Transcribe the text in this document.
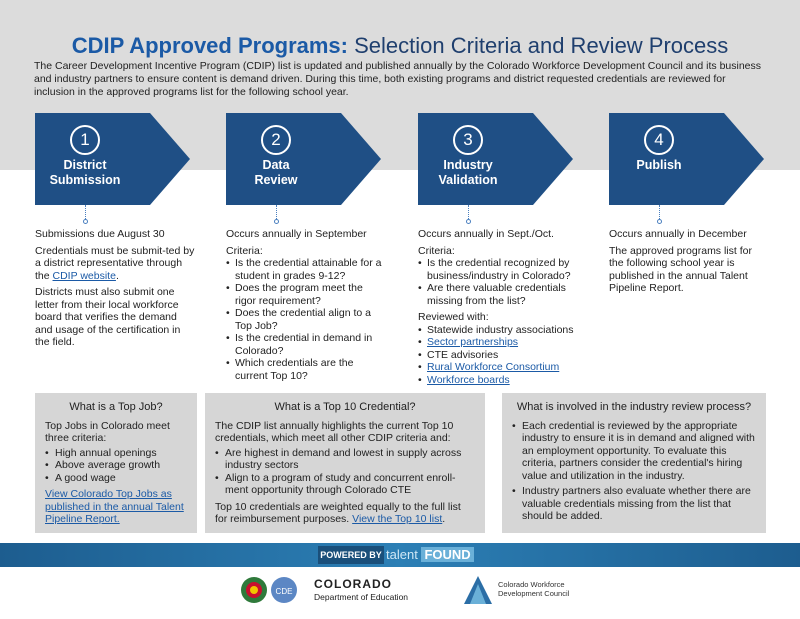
CDIP Approved Programs: Selection Criteria and Review Process
The Career Development Incentive Program (CDIP) list is updated and published annually by the Colorado Workforce Development Council and its business and industry partners to ensure content is demand driven. During this time, both existing programs and district requested credentials are reviewed for inclusion in the approved programs list for the following school year.
1
District
Submission
2
Data
Review
3
Industry
Validation
4
Publish

Submissions due August 30

Credentials must be submit-ted by a district representative through the CDIP website.

Districts must also submit one letter from their local workforce board that verifies the demand and usage of the certification in the field.

Occurs annually in September

Criteria:
• Is the credential attainable for a student in grades 9-12?
• Does the program meet the rigor requirement?
• Does the credential align to a Top Job?
• Is the credential in demand in Colorado?
• Which credentials are the current Top 10?

Occurs annually in Sept./Oct.

Criteria:
• Is the credential recognized by business/industry in Colorado?
• Are there valuable credentials missing from the list?
Reviewed with:
• Statewide industry associations
• Sector partnerships
• CTE advisories
• Rural Workforce Consortium
• Workforce boards

Occurs annually in December

The approved programs list for the following school year is published in the annual Talent Pipeline Report.

What is a Top Job?
Top Jobs in Colorado meet three criteria:
• High annual openings
• Above average growth
• A good wage
View Colorado Top Jobs as published in the annual Talent Pipeline Report.
What is a Top 10 Credential?
The CDIP list annually highlights the current Top 10 credentials, which meet all other CDIP criteria and:
• Are highest in demand and lowest in supply across industry sectors
• Align to a program of study and concurrent enroll-ment opportunity through Colorado CTE
Top 10 credentials are weighted equally to the full list for reimbursement purposes. View the Top 10 list.
What is involved in the industry review process?
• Each credential is reviewed by the appropriate industry to ensure it is in demand and aligned with an employment opportunity. To evaluate this criteria, partners consider the credential's hiring value and utilization in the industry.
• Industry partners also evaluate whether there are valuable credentials missing from the list that should be added.
POWERED BY talent FOUND
CDE
COLORADO
Department of Education
Colorado Workforce
Development Council
